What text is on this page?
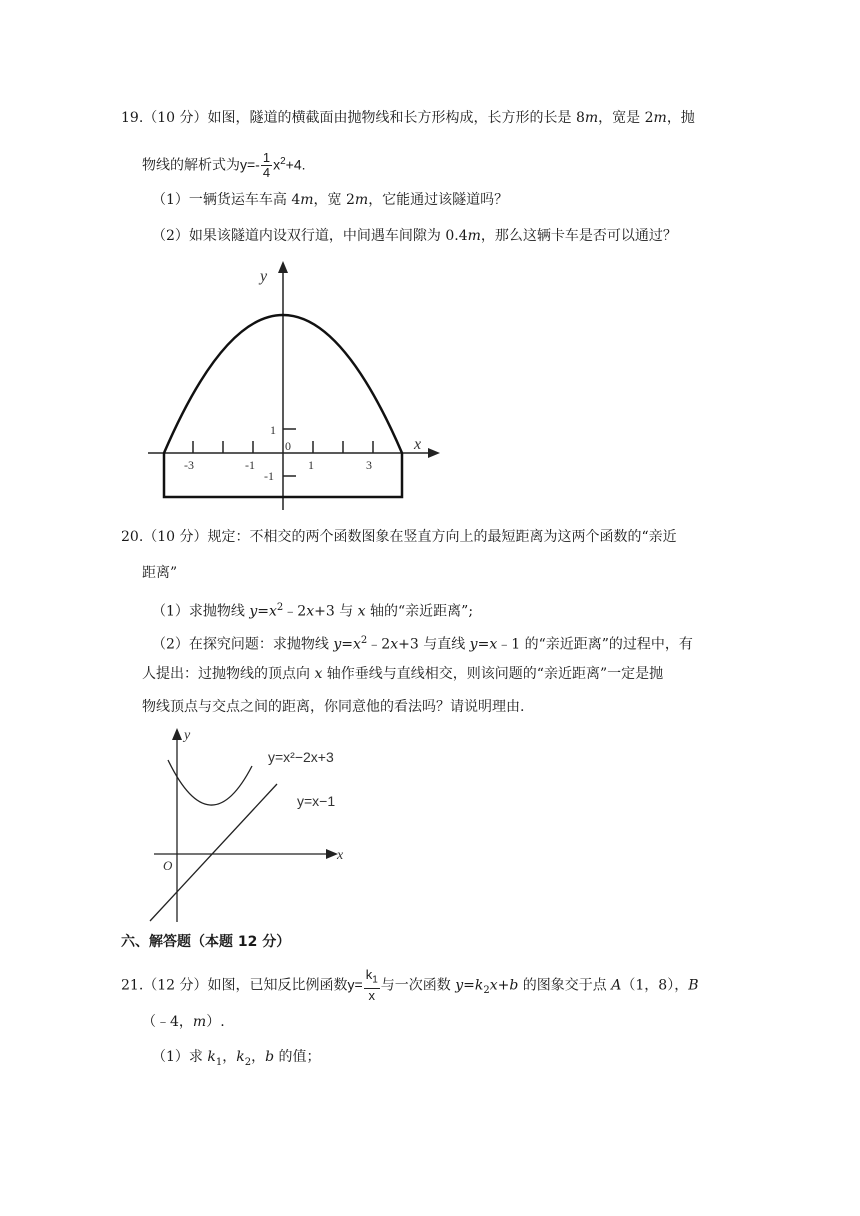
19.（10 分）如图，隧道的横截面由抛物线和长方形构成，长方形的长是 8m，宽是 2m，抛
物线的解析式为$y=- \frac{1}{4} x^2+4$.
（1）一辆货运车车高 4m，宽 2m，它能通过该隧道吗？
（2）如果该隧道内设双行道，中间遇车间隙为 0.4m，那么这辆卡车是否可以通过？
y
x
0
1
-1
-3	-1	1	3
20.（10 分）规定：不相交的两个函数图象在竖直方向上的最短距离为这两个函数的“亲近
距离”
（1）求抛物线 $y=x^2﹣2x+3$ 与 x 轴的“亲近距离”;
（2）在探究问题：求抛物线 $y=x^2﹣2x+3$ 与直线 y=x﹣1 的“亲近距离”的过程中，有
人提出：过抛物线的顶点向 x 轴作垂线与直线相交，则该问题的“亲近距离”一定是抛
物线顶点与交点之间的距离，你同意他的看法吗？请说明理由.
y
x
O
y=x²−2x+3
y=x−1
六、解答题（本题 12 分）
21.（12 分）如图，已知反比例函数$y= \frac{k_1}{x}$ 与一次函数 $y=k_2x+b$ 的图象交于点 A（1，8），B
（﹣4，m）.
（1）求 $k_1$，$k_2$，b 的值；
